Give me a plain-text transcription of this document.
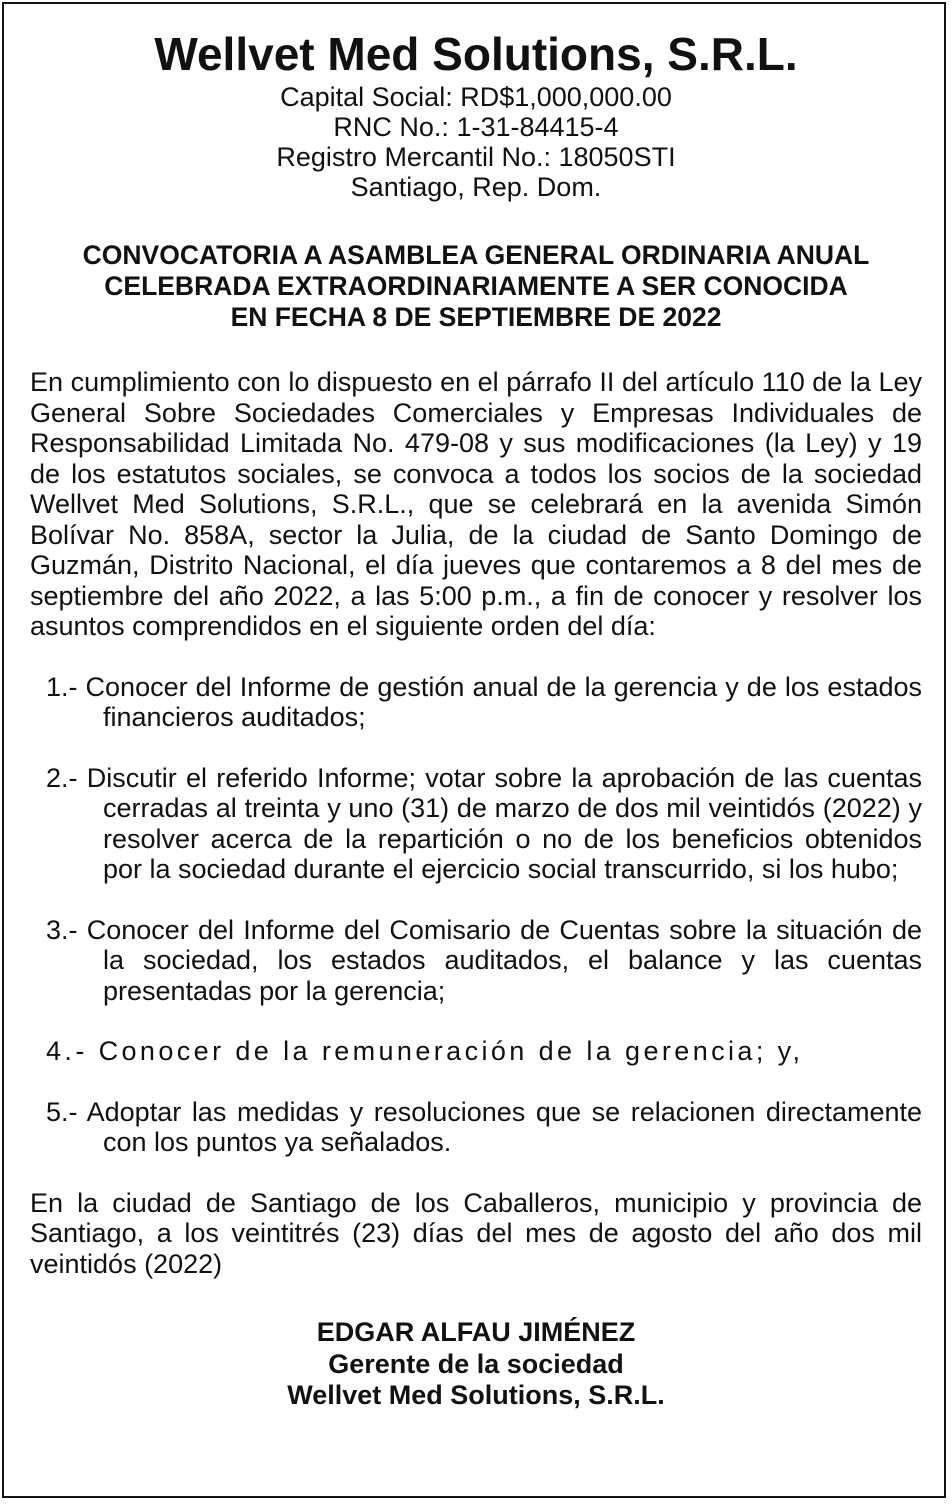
Wellvet Med Solutions, S.R.L.

Capital Social: RD$1,000,000.00

RNC No.: 1-31-84415-4

Registro Mercantil No.: 18050STI

Santiago, Rep. Dom.

CONVOCATORIA A ASAMBLEA GENERAL ORDINARIA ANUAL
CELEBRADA EXTRAORDINARIAMENTE A SER CONOCIDA
EN FECHA 8 DE SEPTIEMBRE DE 2022

En cumplimiento con lo dispuesto en el párrafo II del artículo 110 de la Ley General Sobre Sociedades Comerciales y Empresas Individuales de Responsabilidad Limitada No. 479-08 y sus modificaciones (la Ley) y 19 de los estatutos sociales, se convoca a todos los socios de la sociedad Wellvet Med Solutions, S.R.L., que se celebrará en la avenida Simón Bolívar No. 858A, sector la Julia, de la ciudad de Santo Domingo de Guzmán, Distrito Nacional, el día jueves que contaremos a 8 del mes de septiembre del año 2022, a las 5:00 p.m., a fin de conocer y resolver los asuntos comprendidos en el siguiente orden del día:

1.- Conocer del Informe de gestión anual de la gerencia y de los estados financieros auditados;
2.- Discutir el referido Informe; votar sobre la aprobación de las cuentas cerradas al treinta y uno (31) de marzo de dos mil veintidós (2022) y resolver acerca de la repartición o no de los beneficios obtenidos por la sociedad durante el ejercicio social transcurrido, si los hubo;
3.- Conocer del Informe del Comisario de Cuentas sobre la situación de la sociedad, los estados auditados, el balance y las cuentas presentadas por la gerencia;
4.- Conocer de la remuneración de la gerencia; y,
5.- Adoptar las medidas y resoluciones que se relacionen directamente con los puntos ya señalados.

En la ciudad de Santiago de los Caballeros, municipio y provincia de Santiago, a los veintitrés (23) días del mes de agosto del año dos mil veintidós (2022)

EDGAR ALFAU JIMÉNEZ
Gerente de la sociedad
Wellvet Med Solutions, S.R.L.
